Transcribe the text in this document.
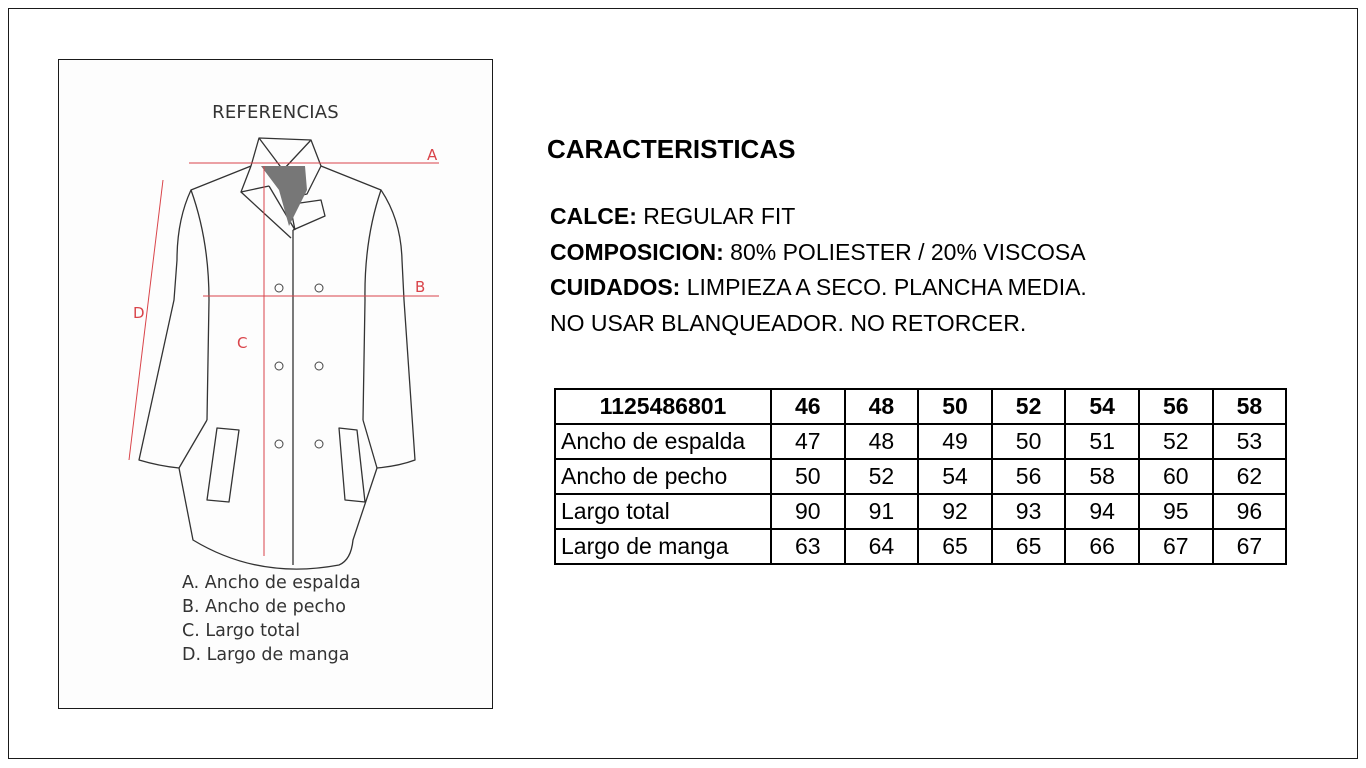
REFERENCIAS
A
B
C
D
A. Ancho de espalda
B. Ancho de pecho
C. Largo total
D. Largo de manga
CARACTERISTICAS
CALCE: REGULAR FIT
COMPOSICION: 80% POLIESTER / 20% VISCOSA
CUIDADOS: LIMPIEZA A SECO. PLANCHA MEDIA.
NO USAR BLANQUEADOR. NO RETORCER.
1125486801	46	48	50	52	54	56	58
Ancho de espalda	47	48	49	50	51	52	53
Ancho de pecho	50	52	54	56	58	60	62
Largo total	90	91	92	93	94	95	96
Largo de manga	63	64	65	65	66	67	67
